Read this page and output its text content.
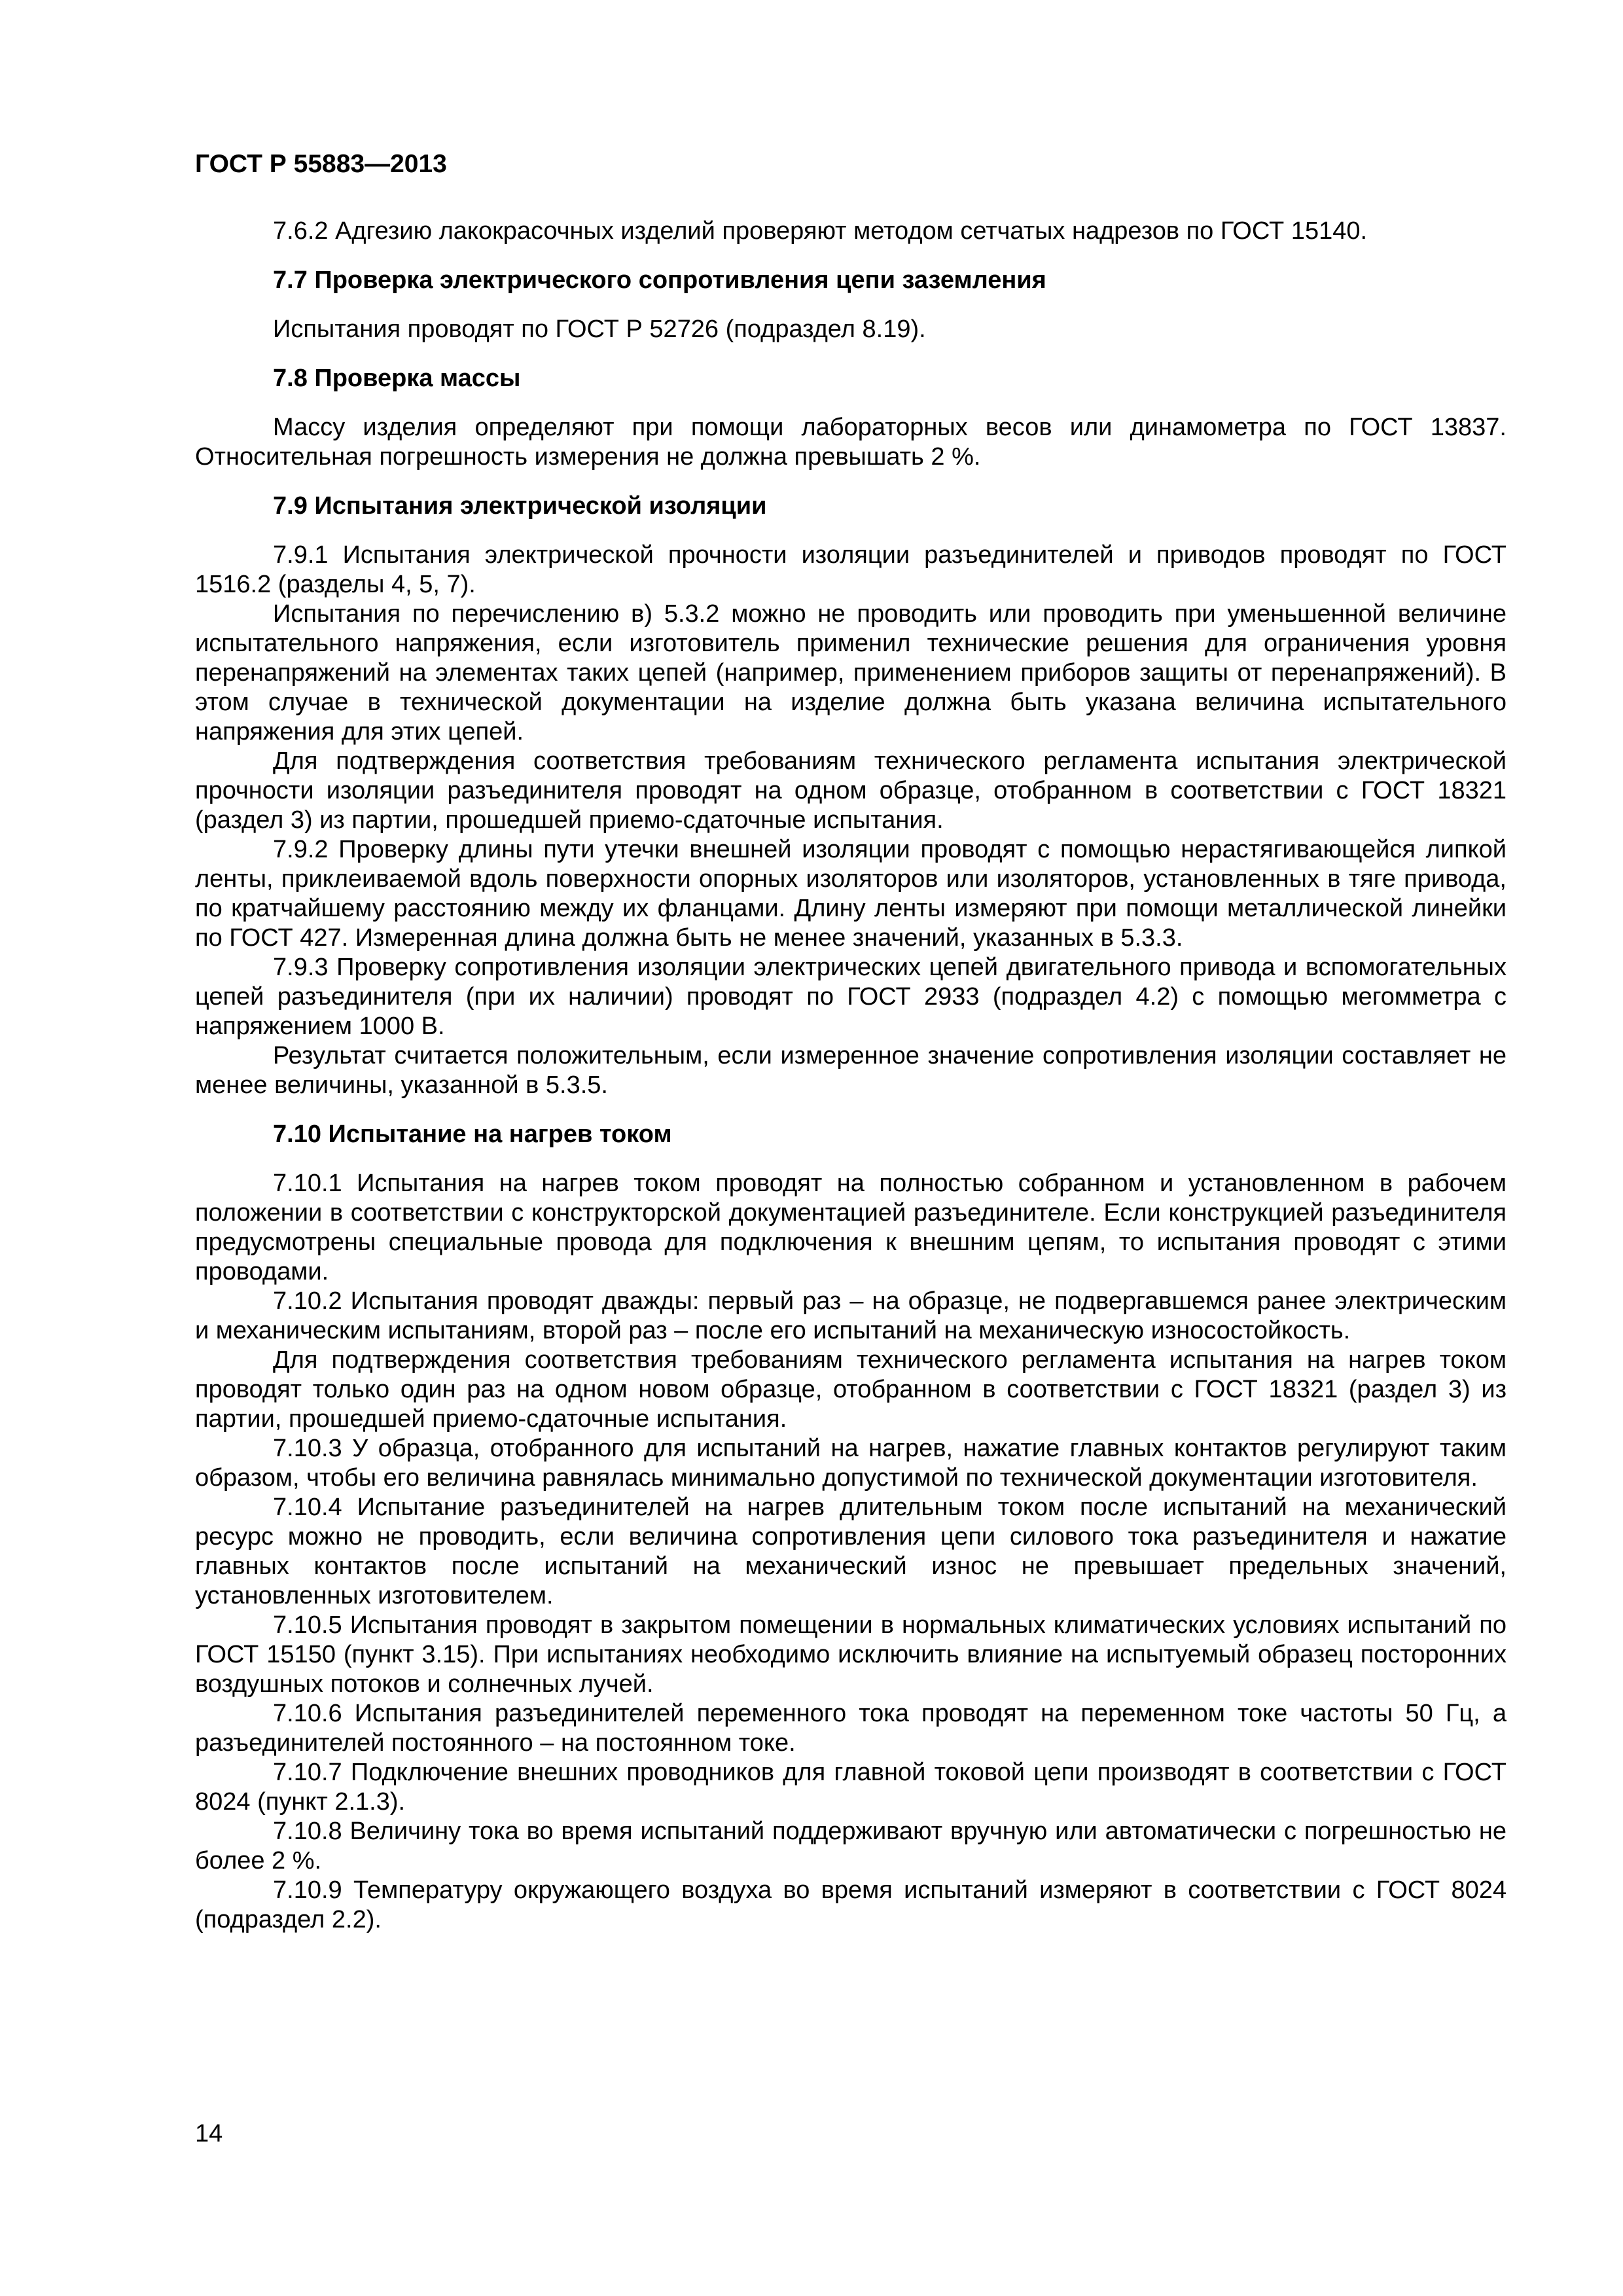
ГОСТ Р 55883—2013

7.6.2 Адгезию лакокрасочных изделий проверяют методом сетчатых надрезов по ГОСТ 15140.

7.7 Проверка электрического сопротивления цепи заземления

Испытания проводят по ГОСТ Р 52726 (подраздел 8.19).

7.8 Проверка массы

Массу изделия определяют при помощи лабораторных весов или динамометра по ГОСТ 13837. Относительная погрешность измерения не должна превышать 2 %.

7.9 Испытания электрической изоляции

7.9.1 Испытания электрической прочности изоляции разъединителей и приводов проводят по ГОСТ 1516.2 (разделы 4, 5, 7).

Испытания по перечислению в) 5.3.2 можно не проводить или проводить при уменьшенной величине испытательного напряжения, если изготовитель применил технические решения для ограничения уровня перенапряжений на элементах таких цепей (например, применением приборов защиты от перенапряжений). В этом случае в технической документации на изделие должна быть указана величина испытательного напряжения для этих цепей.

Для подтверждения соответствия требованиям технического регламента испытания электрической прочности изоляции разъединителя проводят на одном образце, отобранном в соответствии с ГОСТ 18321 (раздел 3) из партии, прошедшей приемо-сдаточные испытания.

7.9.2 Проверку длины пути утечки внешней изоляции проводят с помощью нерастягивающейся липкой ленты, приклеиваемой вдоль поверхности опорных изоляторов или изоляторов, установленных в тяге привода, по кратчайшему расстоянию между их фланцами. Длину ленты измеряют при помощи металлической линейки по ГОСТ 427. Измеренная длина должна быть не менее значений, указанных в 5.3.3.

7.9.3 Проверку сопротивления изоляции электрических цепей двигательного привода и вспомогательных цепей разъединителя (при их наличии) проводят по ГОСТ 2933 (подраздел 4.2) с помощью мегомметра с напряжением 1000 В.

Результат считается положительным, если измеренное значение сопротивления изоляции составляет не менее величины, указанной в 5.3.5.

7.10 Испытание на нагрев током

7.10.1 Испытания на нагрев током проводят на полностью собранном и установленном в рабочем положении в соответствии с конструкторской документацией разъединителе. Если конструкцией разъединителя предусмотрены специальные провода для подключения к внешним цепям, то испытания проводят с этими проводами.

7.10.2 Испытания проводят дважды: первый раз – на образце, не подвергавшемся ранее электрическим и механическим испытаниям, второй раз – после его испытаний на механическую износостойкость.

Для подтверждения соответствия требованиям технического регламента испытания на нагрев током проводят только один раз на одном новом образце, отобранном в соответствии с ГОСТ 18321 (раздел 3) из партии, прошедшей приемо-сдаточные испытания.

7.10.3 У образца, отобранного для испытаний на нагрев, нажатие главных контактов регулируют таким образом, чтобы его величина равнялась минимально допустимой по технической документации изготовителя.

7.10.4 Испытание разъединителей на нагрев длительным током после испытаний на механический ресурс можно не проводить, если величина сопротивления цепи силового тока разъединителя и нажатие главных контактов после испытаний на механический износ не превышает предельных значений, установленных изготовителем.

7.10.5 Испытания проводят в закрытом помещении в нормальных климатических условиях испытаний по ГОСТ 15150 (пункт 3.15). При испытаниях необходимо исключить влияние на испытуемый образец посторонних воздушных потоков и солнечных лучей.

7.10.6 Испытания разъединителей переменного тока проводят на переменном токе частоты 50 Гц, а разъединителей постоянного – на постоянном токе.

7.10.7 Подключение внешних проводников для главной токовой цепи производят в соответствии с ГОСТ 8024 (пункт 2.1.3).

7.10.8 Величину тока во время испытаний поддерживают вручную или автоматически с погрешностью не более 2 %.

7.10.9 Температуру окружающего воздуха во время испытаний измеряют в соответствии с ГОСТ 8024 (подраздел 2.2).

14
